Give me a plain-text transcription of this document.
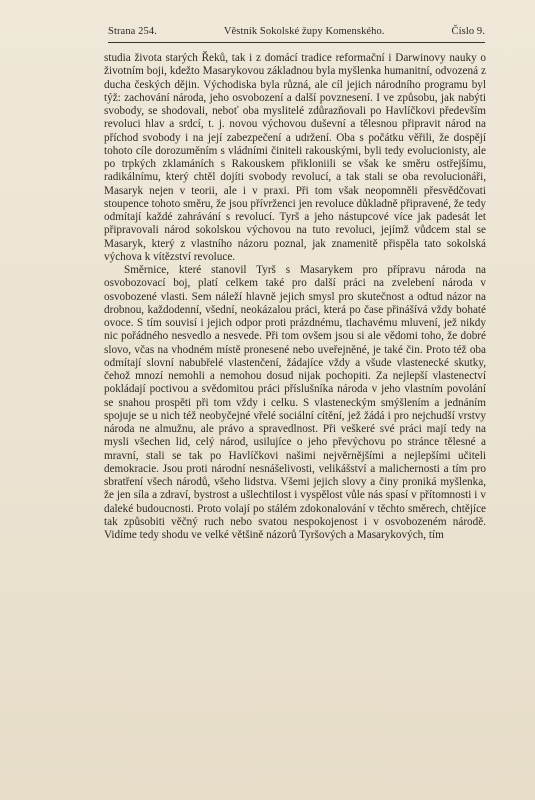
Strana 254.	Věstník Sokolské župy Komenského.	Číslo 9.

studia života starých Řeků, tak i z domácí tradice reformační i Darwinovy nauky o životním boji, kdežto Masarykovou základnou byla myšlenka humanitní, odvozená z ducha českých dějin. Východiska byla různá, ale cíl jejich národního programu byl týž: zachování národa, jeho osvobození a další povznesení. I ve způsobu, jak nabýti svobody, se shodovali, neboť oba myslitelé zdůrazňovali po Havlíčkovi především revoluci hlav a srdcí, t. j. novou výchovou duševní a tělesnou připravit národ na příchod svobody i na její zabezpečení a udržení. Oba s počátku věřili, že dospějí tohoto cíle dorozuměním s vládními činiteli rakouskými, byli tedy evolucionisty, ale po trpkých zklamáních s Rakouskem přikloniili se však ke směru ostřejšímu, radikálnímu, který chtěl dojíti svobody revolucí, a tak stali se oba revolucionáři, Masaryk nejen v teorii, ale i v praxi. Při tom však neopomněli přesvědčovati stoupence tohoto směru, že jsou přívrženci jen revoluce důkladně připravené, že tedy odmítají každé zahrávání s revolucí. Tyrš a jeho nástupcové více jak padesát let připravovali národ sokolskou výchovou na tuto revoluci, jejímž vůdcem stal se Masaryk, který z vlastního názoru poznal, jak znamenitě přispěla tato sokolská výchova k vítězství revoluce.

Směrnice, které stanovil Tyrš s Masarykem pro přípravu národa na osvobozovací boj, platí celkem také pro další práci na zvelebení národa v osvobozené vlasti. Sem náleží hlavně jejich smysl pro skutečnost a odtud názor na drobnou, každodenní, všední, neokázalou práci, která po čase přinášívá vždy bohaté ovoce. S tím souvisí i jejich odpor proti prázdnému, tlachavému mluvení, jež nikdy nic pořádného nesvedlo a nesvede. Při tom ovšem jsou si ale vědomi toho, že dobré slovo, včas na vhodném místě pronesené nebo uveřejněné, je také čin. Proto též oba odmítají slovní nabubřelé vlastenčení, žádajíce vždy a všude vlastenecké skutky, čehož mnozí nemohli a nemohou dosud nijak pochopiti. Za nejlepší vlastenectví pokládají poctivou a svědomitou práci příslušníka národa v jeho vlastním povolání se snahou prospěti při tom vždy i celku. S vlasteneckým smýšlením a jednáním spojuje se u nich též neobyčejné vřelé sociální cítění, jež žádá i pro nejchudší vrstvy národa ne almužnu, ale právo a spravedlnost. Při veškeré své práci mají tedy na mysli všechen lid, celý národ, usilujíce o jeho převýchovu po stránce tělesné a mravní, stali se tak po Havlíčkovi našimi nejvěrnějšími a nejlepšími učiteli demokracie. Jsou proti národní nesnášelivosti, velikášství a malichernosti a tím pro sbratření všech národů, všeho lidstva. Všemi jejich slovy a činy proniká myšlenka, že jen síla a zdraví, bystrost a ušlechtilost i vyspělost vůle nás spasí v přítomnosti i v daleké budoucnosti. Proto volají po stálém zdokonalování v těchto směrech, chtějíce tak způsobiti věčný ruch nebo svatou nespokojenost i v osvobozeném národě. Vidíme tedy shodu ve velké většině názorů Tyršových a Masarykových, tím
